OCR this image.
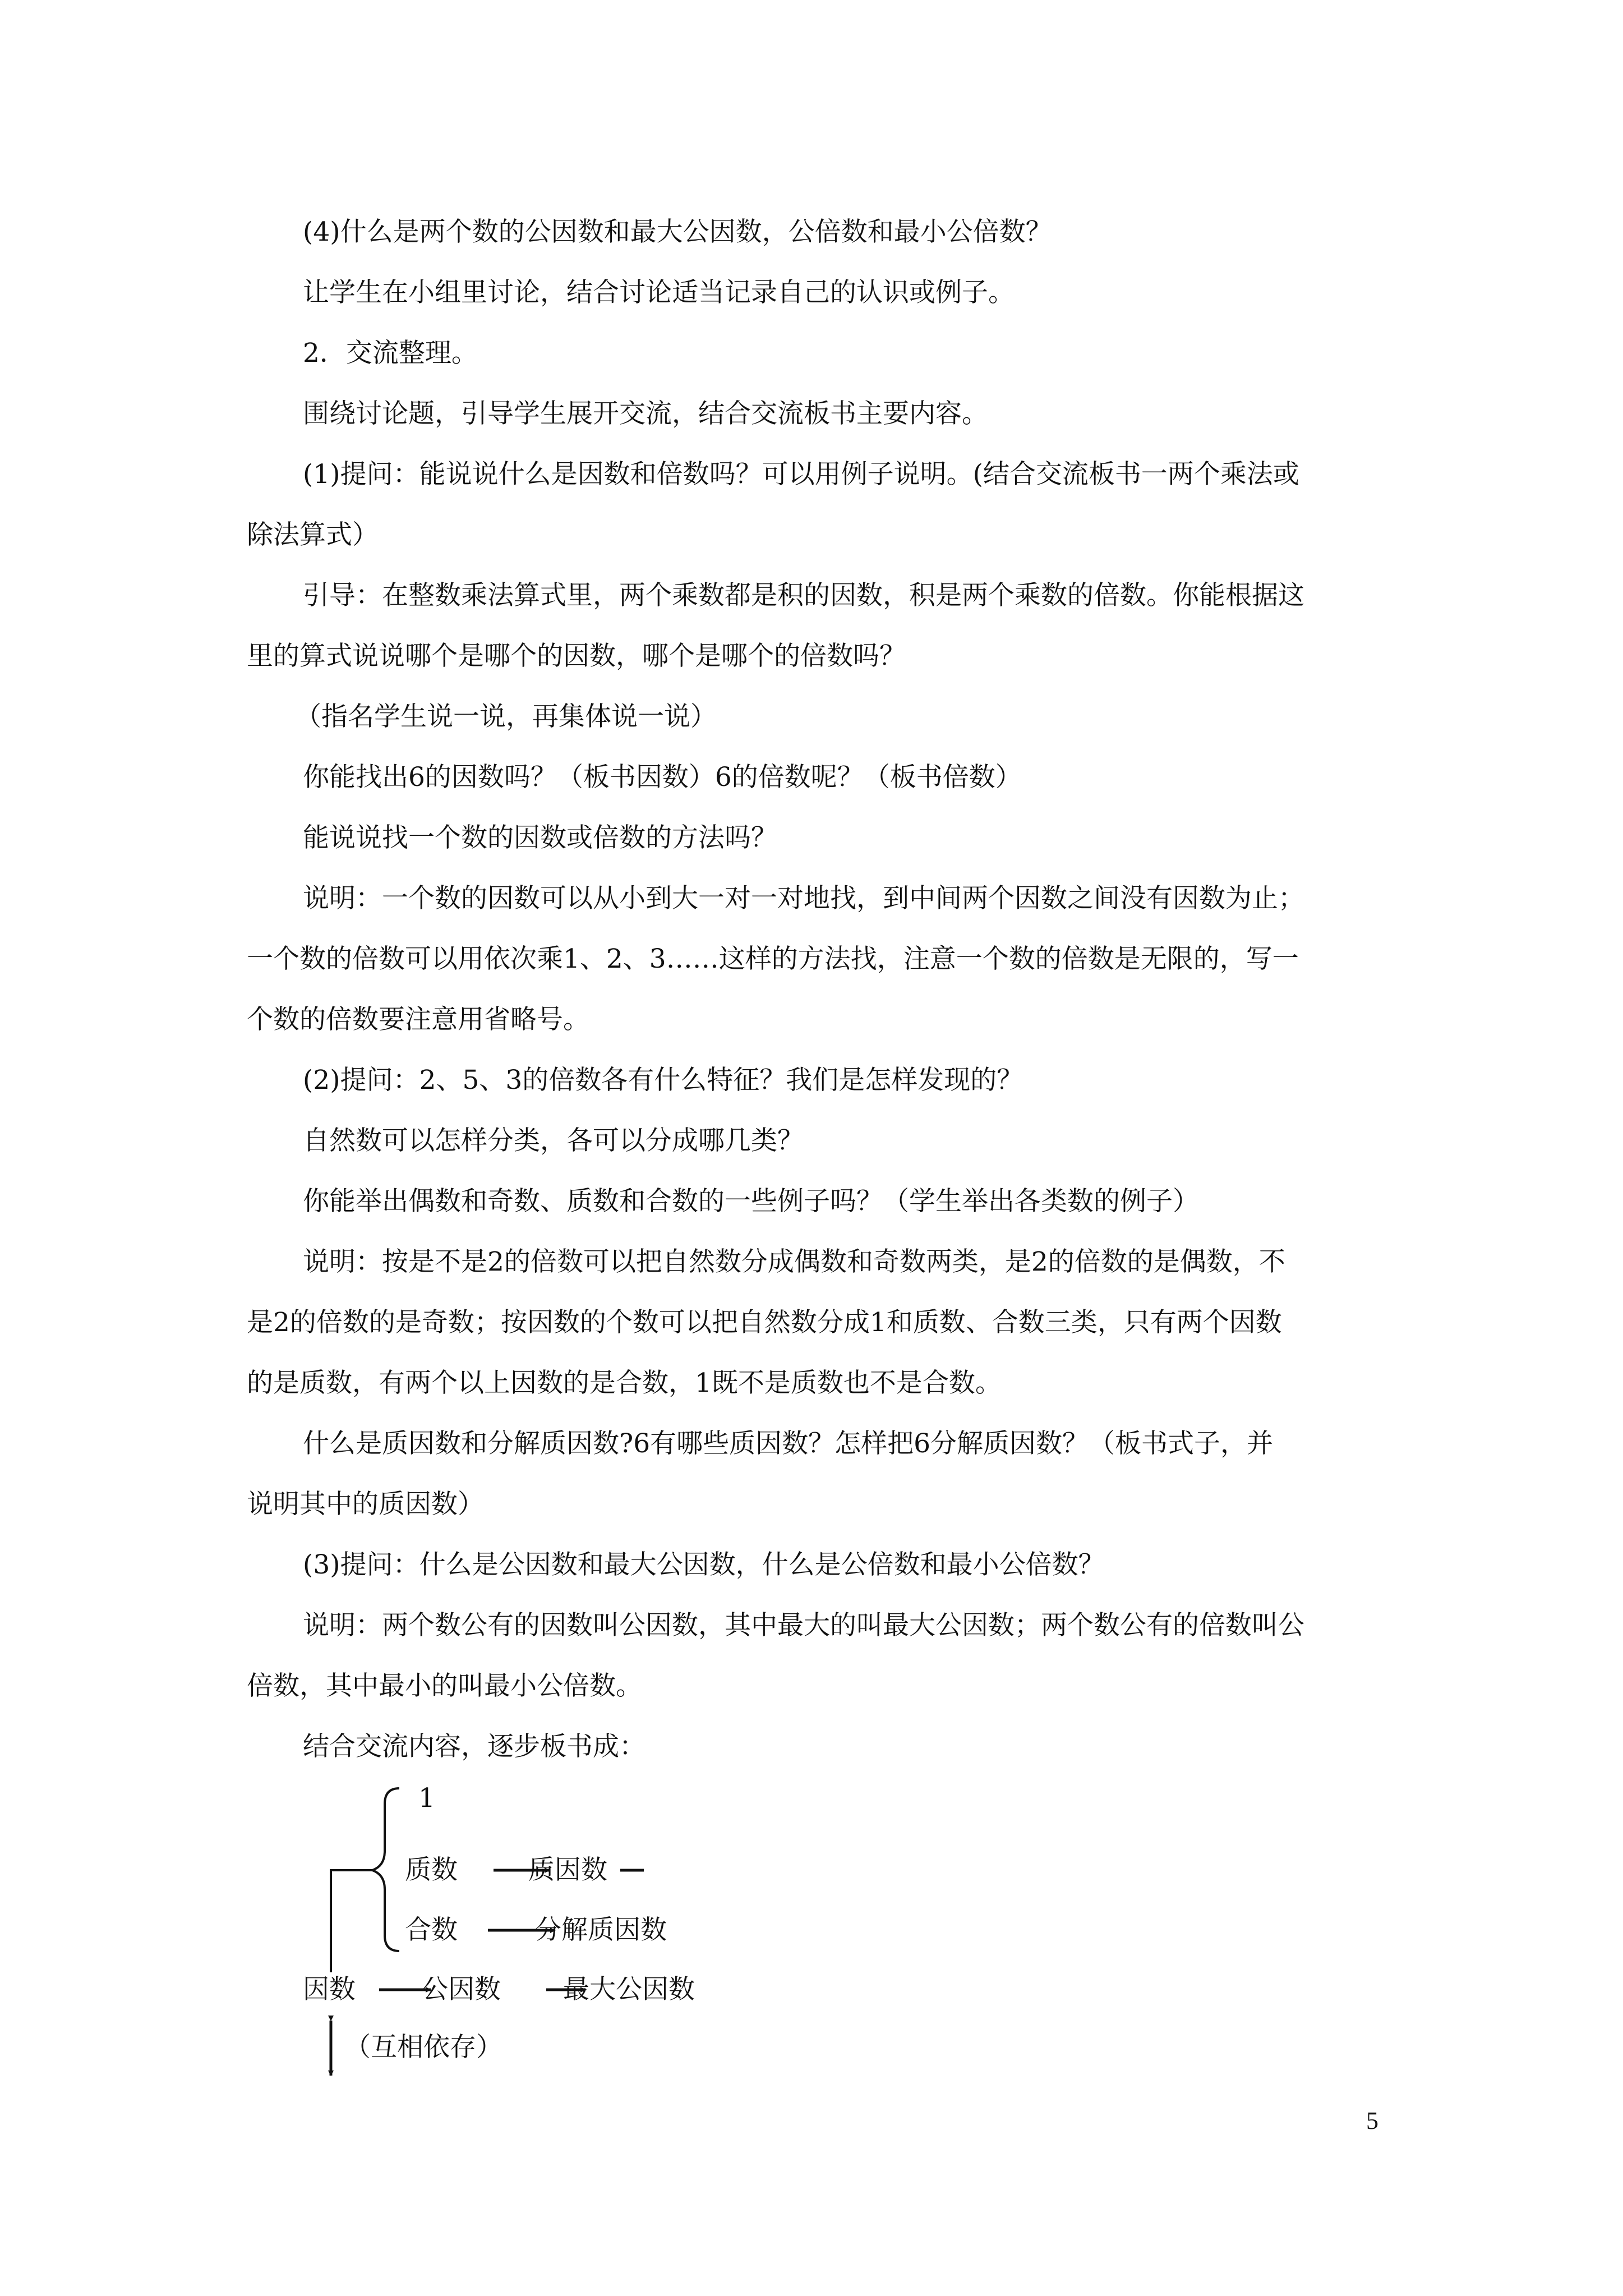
(4)什么是两个数的公因数和最大公因数，公倍数和最小公倍数？
让学生在小组里讨论，结合讨论适当记录自己的认识或例子。
2．交流整理。
围绕讨论题，引导学生展开交流，结合交流板书主要内容。
(1)提问：能说说什么是因数和倍数吗？可以用例子说明。(结合交流板书一两个乘法或
除法算式）
引导：在整数乘法算式里，两个乘数都是积的因数，积是两个乘数的倍数。你能根据这
里的算式说说哪个是哪个的因数，哪个是哪个的倍数吗？
（指名学生说一说，再集体说一说）
你能找出6的因数吗？（板书因数）6的倍数呢？（板书倍数）
能说说找一个数的因数或倍数的方法吗？
说明：一个数的因数可以从小到大一对一对地找，到中间两个因数之间没有因数为止；
一个数的倍数可以用依次乘1、2、3……这样的方法找，注意一个数的倍数是无限的，写一
个数的倍数要注意用省略号。
(2)提问：2、5、3的倍数各有什么特征？我们是怎样发现的？
自然数可以怎样分类，各可以分成哪几类？
你能举出偶数和奇数、质数和合数的一些例子吗？（学生举出各类数的例子）
说明：按是不是2的倍数可以把自然数分成偶数和奇数两类，是2的倍数的是偶数，不
是2的倍数的是奇数；按因数的个数可以把自然数分成1和质数、合数三类，只有两个因数
的是质数，有两个以上因数的是合数，1既不是质数也不是合数。
什么是质因数和分解质因数?6有哪些质因数？怎样把6分解质因数？（板书式子，并
说明其中的质因数）
(3)提问：什么是公因数和最大公因数，什么是公倍数和最小公倍数？
说明：两个数公有的因数叫公因数，其中最大的叫最大公因数；两个数公有的倍数叫公
倍数，其中最小的叫最小公倍数。
结合交流内容，逐步板书成：
1
质数	质因数
合数	分解质因数
因数	公因数 最大公因数
（互相依存）
5
